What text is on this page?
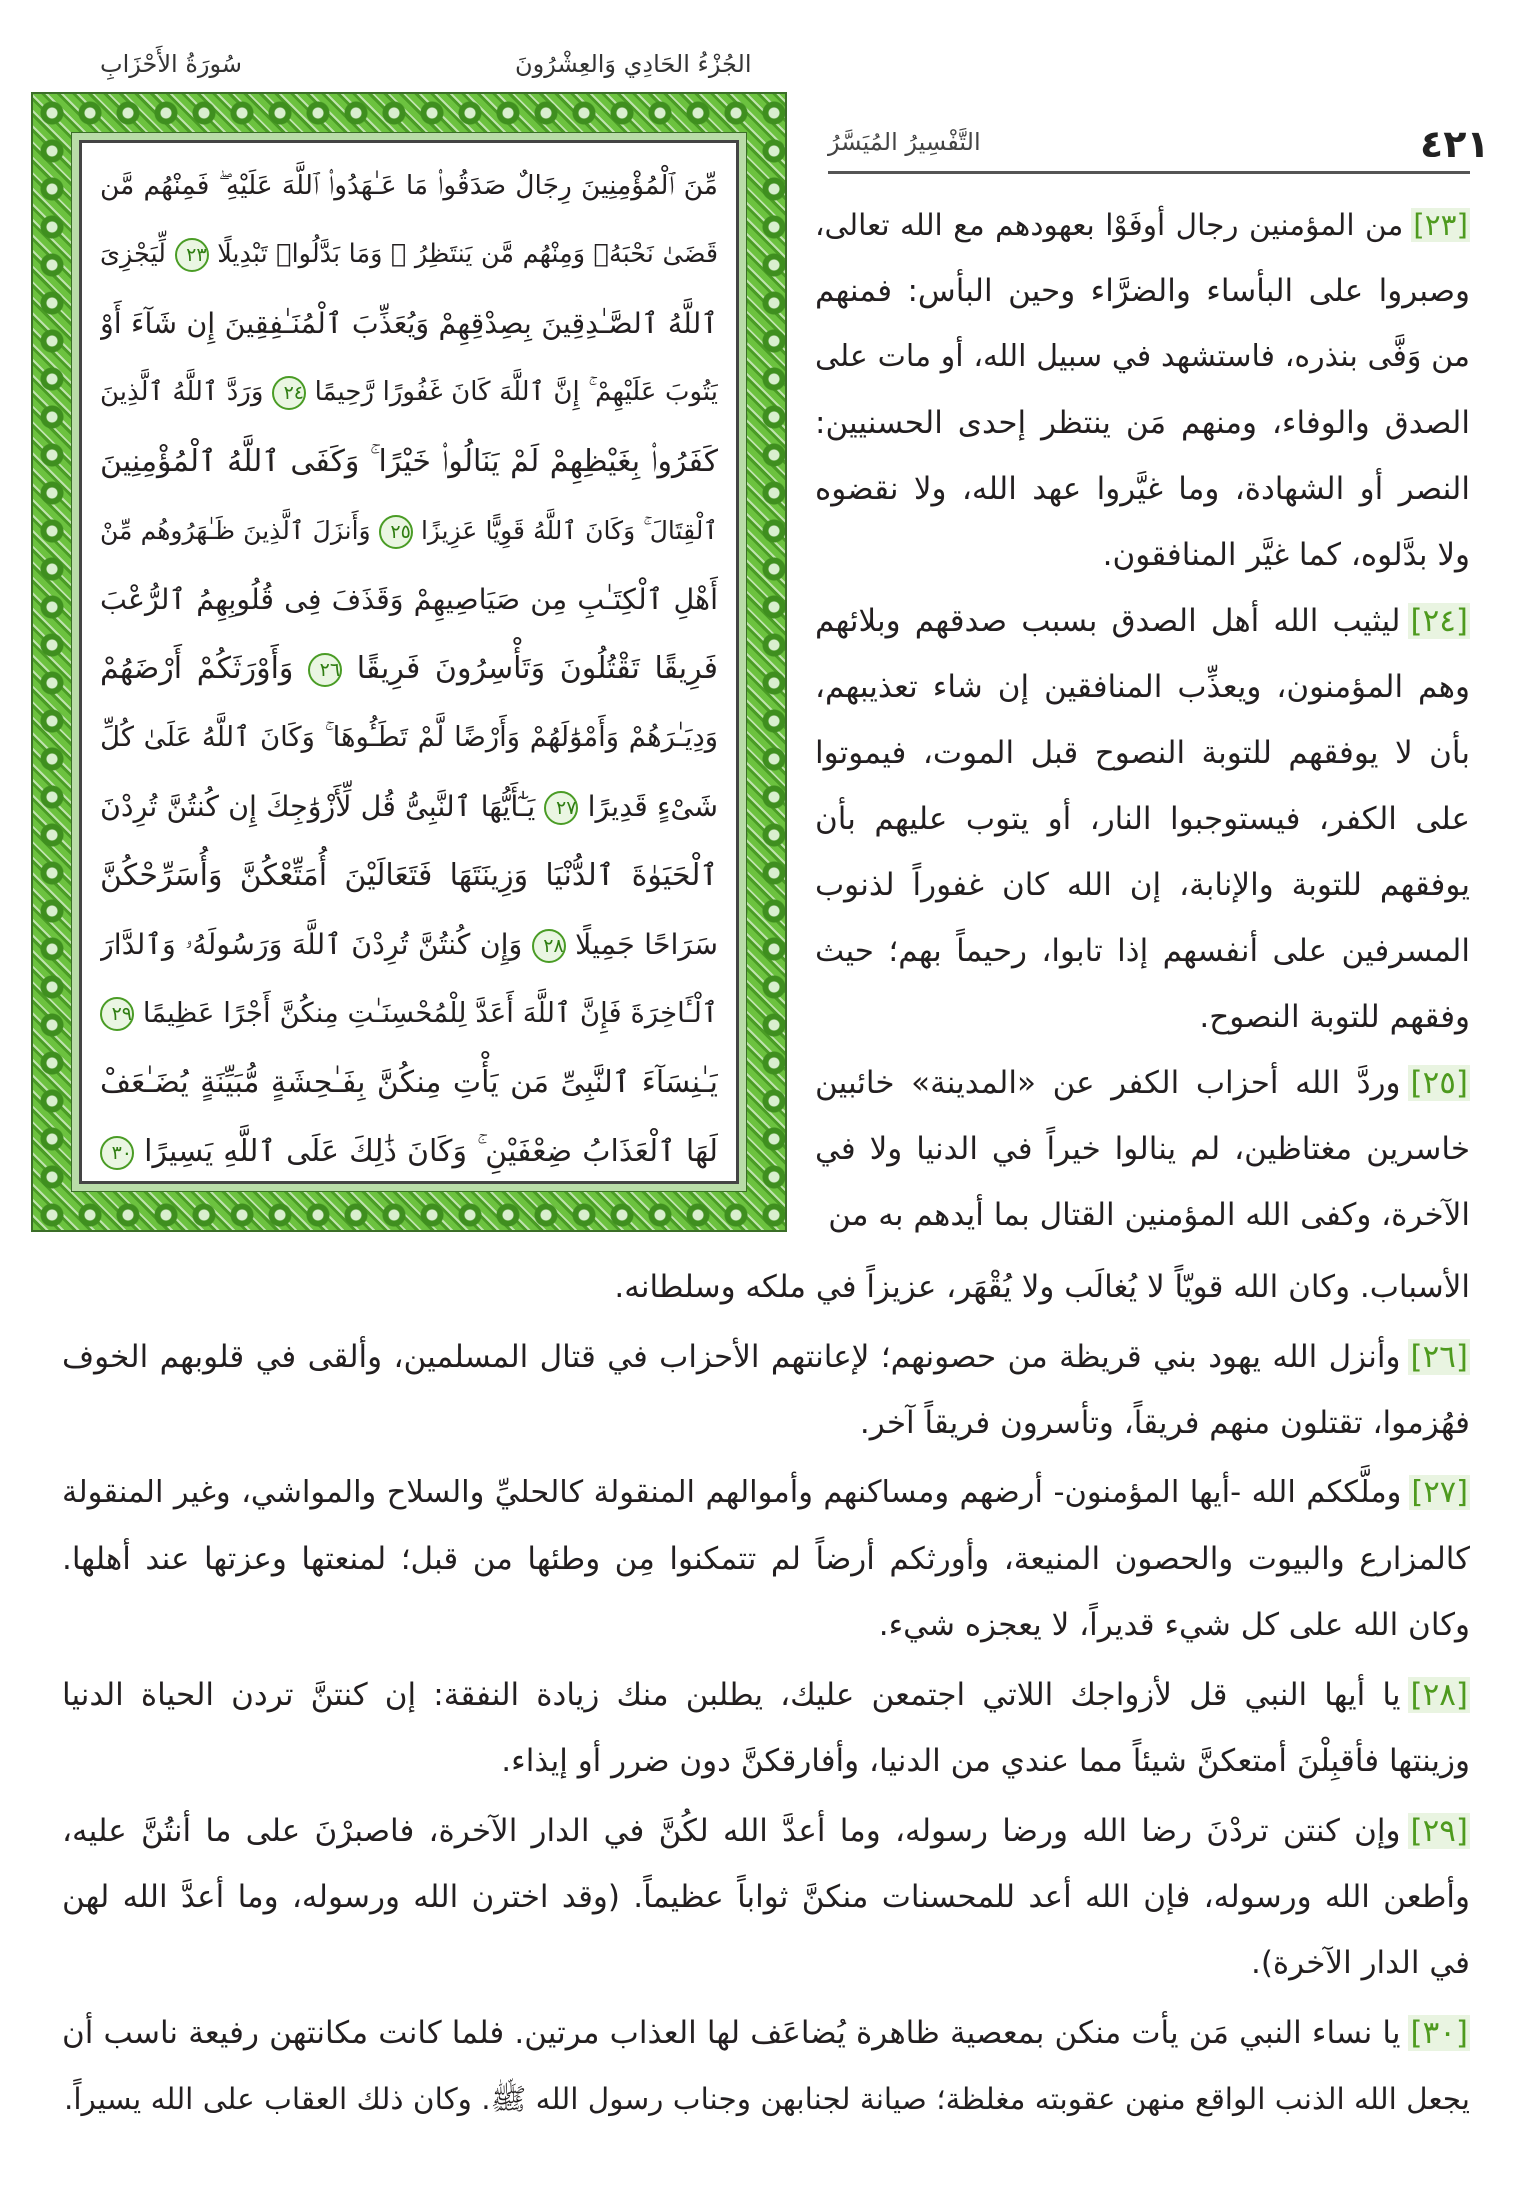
سُورَةُ الأَحْزَابِ	الجُزْءُ الحَادِي وَالعِشْرُونَ
التَّفْسِيرُ المُيَسَّرُ	٤٢١
مِّنَ ٱلْمُؤْمِنِينَ رِجَالٌ صَدَقُوا۟ مَا عَـٰهَدُوا۟ ٱللَّهَ عَلَيْهِ ۖ فَمِنْهُم مَّن
قَضَىٰ نَحْبَهُۥ وَمِنْهُم مَّن يَنتَظِرُ ۖ وَمَا بَدَّلُوا۟ تَبْدِيلًا ٢٣ لِّيَجْزِىَ
ٱللَّهُ ٱلصَّـٰدِقِينَ بِصِدْقِهِمْ وَيُعَذِّبَ ٱلْمُنَـٰفِقِينَ إِن شَآءَ أَوْ
يَتُوبَ عَلَيْهِمْ ۚ إِنَّ ٱللَّهَ كَانَ غَفُورًا رَّحِيمًا ٢٤ وَرَدَّ ٱللَّهُ ٱلَّذِينَ
كَفَرُوا۟ بِغَيْظِهِمْ لَمْ يَنَالُوا۟ خَيْرًا ۚ وَكَفَى ٱللَّهُ ٱلْمُؤْمِنِينَ
ٱلْقِتَالَ ۚ وَكَانَ ٱللَّهُ قَوِيًّا عَزِيزًا ٢٥ وَأَنزَلَ ٱلَّذِينَ ظَـٰهَرُوهُم مِّنْ
أَهْلِ ٱلْكِتَـٰبِ مِن صَيَاصِيهِمْ وَقَذَفَ فِى قُلُوبِهِمُ ٱلرُّعْبَ
فَرِيقًا تَقْتُلُونَ وَتَأْسِرُونَ فَرِيقًا ٢٦ وَأَوْرَثَكُمْ أَرْضَهُمْ
وَدِيَـٰرَهُمْ وَأَمْوَٰلَهُمْ وَأَرْضًا لَّمْ تَطَـُٔوهَا ۚ وَكَانَ ٱللَّهُ عَلَىٰ كُلِّ
شَىْءٍ قَدِيرًا ٢٧ يَـٰٓأَيُّهَا ٱلنَّبِىُّ قُل لِّأَزْوَٰجِكَ إِن كُنتُنَّ تُرِدْنَ
ٱلْحَيَوٰةَ ٱلدُّنْيَا وَزِينَتَهَا فَتَعَالَيْنَ أُمَتِّعْكُنَّ وَأُسَرِّحْكُنَّ
سَرَاحًا جَمِيلًا ٢٨ وَإِن كُنتُنَّ تُرِدْنَ ٱللَّهَ وَرَسُولَهُۥ وَٱلدَّارَ
ٱلْـَٔاخِرَةَ فَإِنَّ ٱللَّهَ أَعَدَّ لِلْمُحْسِنَـٰتِ مِنكُنَّ أَجْرًا عَظِيمًا ٢٩
يَـٰنِسَآءَ ٱلنَّبِىِّ مَن يَأْتِ مِنكُنَّ بِفَـٰحِشَةٍ مُّبَيِّنَةٍ يُضَـٰعَفْ
لَهَا ٱلْعَذَابُ ضِعْفَيْنِ ۚ وَكَانَ ذَٰلِكَ عَلَى ٱللَّهِ يَسِيرًا ٣٠
[٢٣]من المؤمنين رجال أوفَوْا بعهودهم مع الله تعالى،
وصبروا على البأساء والضرَّاء وحين البأس: فمنهم
من وَفَّى بنذره، فاستشهد في سبيل الله، أو مات على
الصدق والوفاء، ومنهم مَن ينتظر إحدى الحسنيين:
النصر أو الشهادة، وما غيَّروا عهد الله، ولا نقضوه
ولا بدَّلوه، كما غيَّر المنافقون.
[٢٤]ليثيب الله أهل الصدق بسبب صدقهم وبلائهم
وهم المؤمنون، ويعذِّب المنافقين إن شاء تعذيبهم،
بأن لا يوفقهم للتوبة النصوح قبل الموت، فيموتوا
على الكفر، فيستوجبوا النار، أو يتوب عليهم بأن
يوفقهم للتوبة والإنابة، إن الله كان غفوراً لذنوب
المسرفين على أنفسهم إذا تابوا، رحيماً بهم؛ حيث
وفقهم للتوبة النصوح.
[٢٥]وردَّ الله أحزاب الكفر عن «المدينة» خائبين
خاسرين مغتاظين، لم ينالوا خيراً في الدنيا ولا في
الآخرة، وكفى الله المؤمنين القتال بما أيدهم به من
الأسباب. وكان الله قويّاً لا يُغالَب ولا يُقْهَر، عزيزاً في ملكه وسلطانه.
[٢٦]وأنزل الله يهود بني قريظة من حصونهم؛ لإعانتهم الأحزاب في قتال المسلمين، وألقى في قلوبهم الخوف
فهُزموا، تقتلون منهم فريقاً، وتأسرون فريقاً آخر.
[٢٧]وملَّككم الله -أيها المؤمنون- أرضهم ومساكنهم وأموالهم المنقولة كالحليِّ والسلاح والمواشي، وغير المنقولة
كالمزارع والبيوت والحصون المنيعة، وأورثكم أرضاً لم تتمكنوا مِن وطئها من قبل؛ لمنعتها وعزتها عند أهلها.
وكان الله على كل شيء قديراً، لا يعجزه شيء.
[٢٨]يا أيها النبي قل لأزواجك اللاتي اجتمعن عليك، يطلبن منك زيادة النفقة: إن كنتنَّ تردن الحياة الدنيا
وزينتها فأقبِلْنَ أمتعكنَّ شيئاً مما عندي من الدنيا، وأفارقكنَّ دون ضرر أو إيذاء.
[٢٩]وإن كنتن تردْنَ رضا الله ورضا رسوله، وما أعدَّ الله لكُنَّ في الدار الآخرة، فاصبرْنَ على ما أنتُنَّ عليه،
وأطعن الله ورسوله، فإن الله أعد للمحسنات منكنَّ ثواباً عظيماً. (وقد اخترن الله ورسوله، وما أعدَّ الله لهن
في الدار الآخرة).
[٣٠]يا نساء النبي مَن يأت منكن بمعصية ظاهرة يُضاعَف لها العذاب مرتين. فلما كانت مكانتهن رفيعة ناسب أن
يجعل الله الذنب الواقع منهن عقوبته مغلظة؛ صيانة لجنابهن وجناب رسول الله ﷺ. وكان ذلك العقاب على الله يسيراً.
